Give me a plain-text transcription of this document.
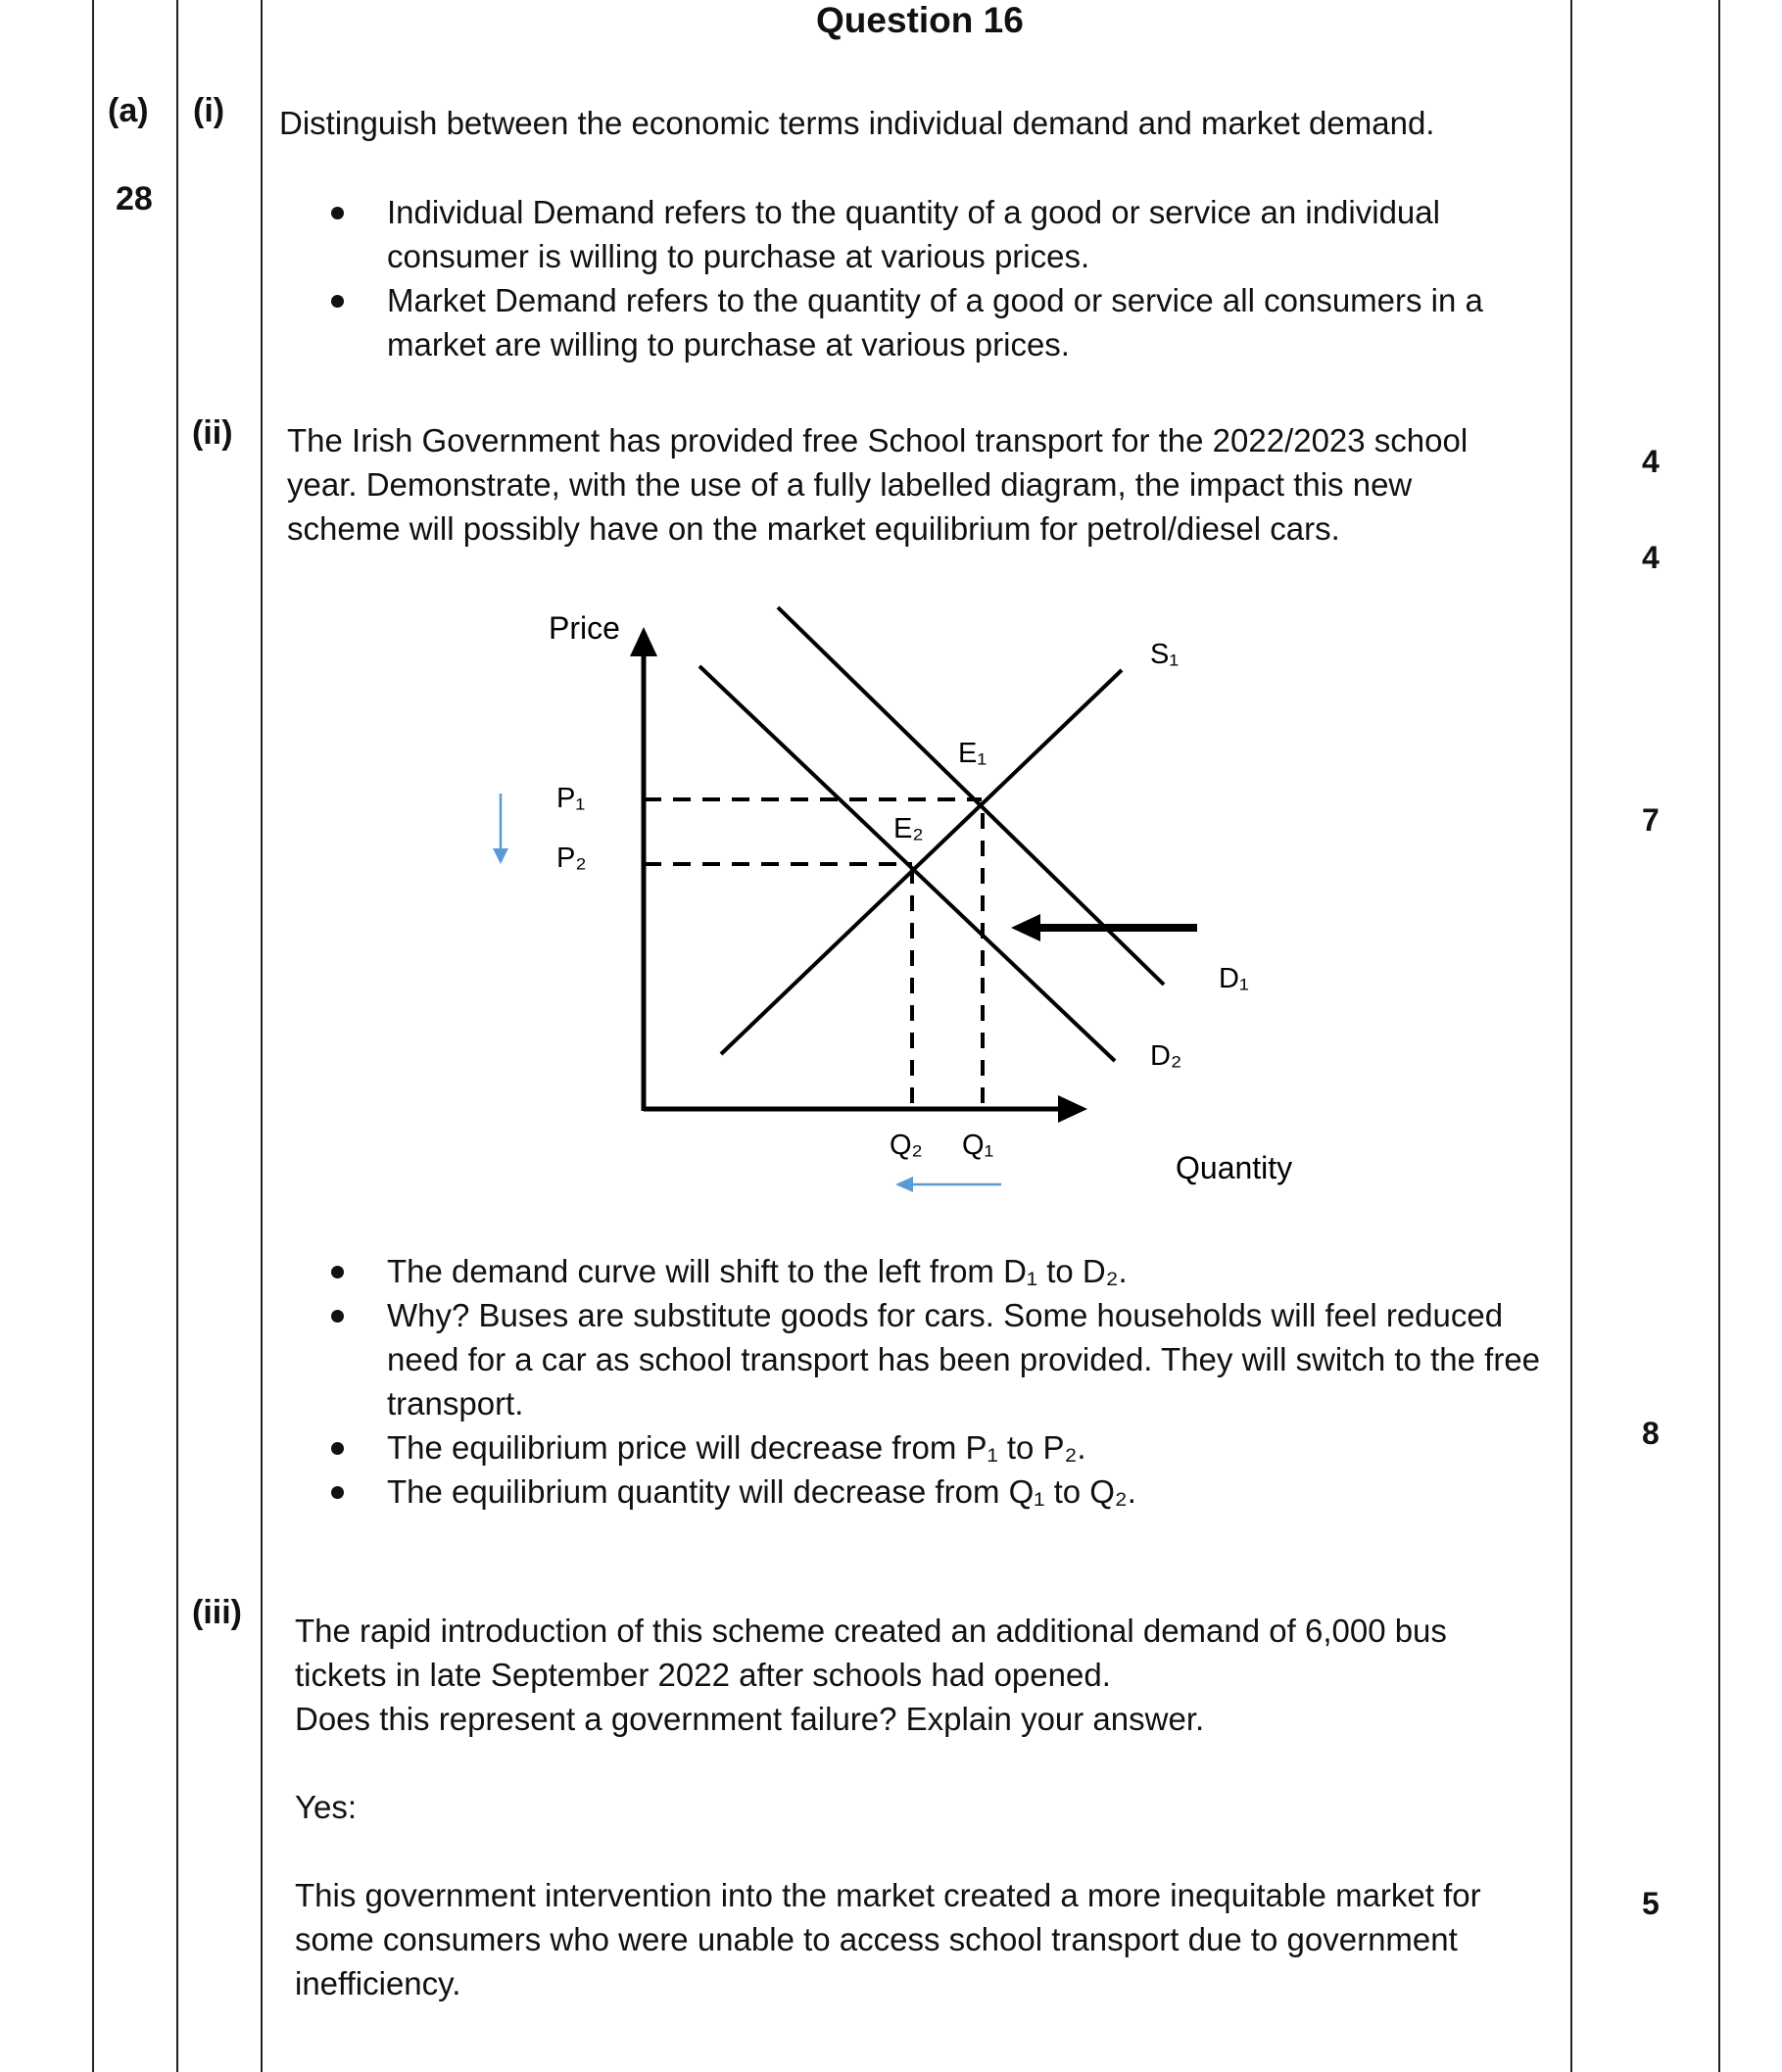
Question 16
(a) (i)
28
(ii)
(iii)
4
4
7
8
5
Distinguish between the economic terms individual demand and market demand.
Individual Demand refers to the quantity of a good or service an individual consumer is willing to purchase at various prices.
Market Demand refers to the quantity of a good or service all consumers in a market are willing to purchase at various prices.
The Irish Government has provided free School transport for the 2022/2023 school year. Demonstrate, with the use of a fully labelled diagram, the impact this new scheme will possibly have on the market equilibrium for petrol/diesel cars.
Price
Quantity
S₁
D₁
D₂
E₁
E₂
P₁
P₂
Q₁
Q₂
The demand curve will shift to the left from D₁ to D₂.
Why? Buses are substitute goods for cars. Some households will feel reduced need for a car as school transport has been provided. They will switch to the free transport.
The equilibrium price will decrease from P₁ to P₂.
The equilibrium quantity will decrease from Q₁ to Q₂.

The rapid introduction of this scheme created an additional demand of 6,000 bus tickets in late September 2022 after schools had opened.

Does this represent a government failure? Explain your answer.

Yes:
This government intervention into the market created a more inequitable market for some consumers who were unable to access school transport due to government inefficiency.
